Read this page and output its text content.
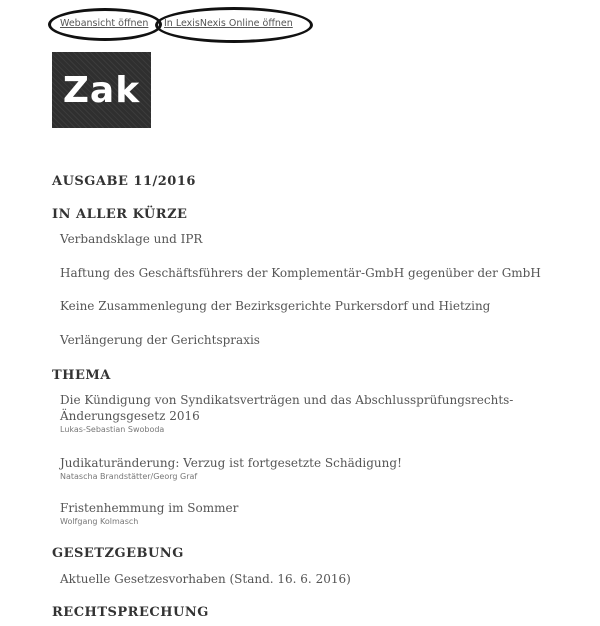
Webansicht öffnen In LexisNexis Online öffnen
Zak
AUSGABE 11/2016
IN ALLER KÜRZE
Verbandsklage und IPR
Haftung des Geschäftsführers der Komplementär-GmbH gegenüber der GmbH
Keine Zusammenlegung der Bezirksgerichte Purkersdorf und Hietzing
Verlängerung der Gerichtspraxis
THEMA
Die Kündigung von Syndikatsverträgen und das Abschlussprüfungsrechts-Änderungsgesetz 2016
Lukas-Sebastian Swoboda
Judikaturänderung: Verzug ist fortgesetzte Schädigung!
Natascha Brandstätter/Georg Graf
Fristenhemmung im Sommer
Wolfgang Kolmasch
GESETZGEBUNG
Aktuelle Gesetzesvorhaben (Stand. 16. 6. 2016)
RECHTSPRECHUNG
